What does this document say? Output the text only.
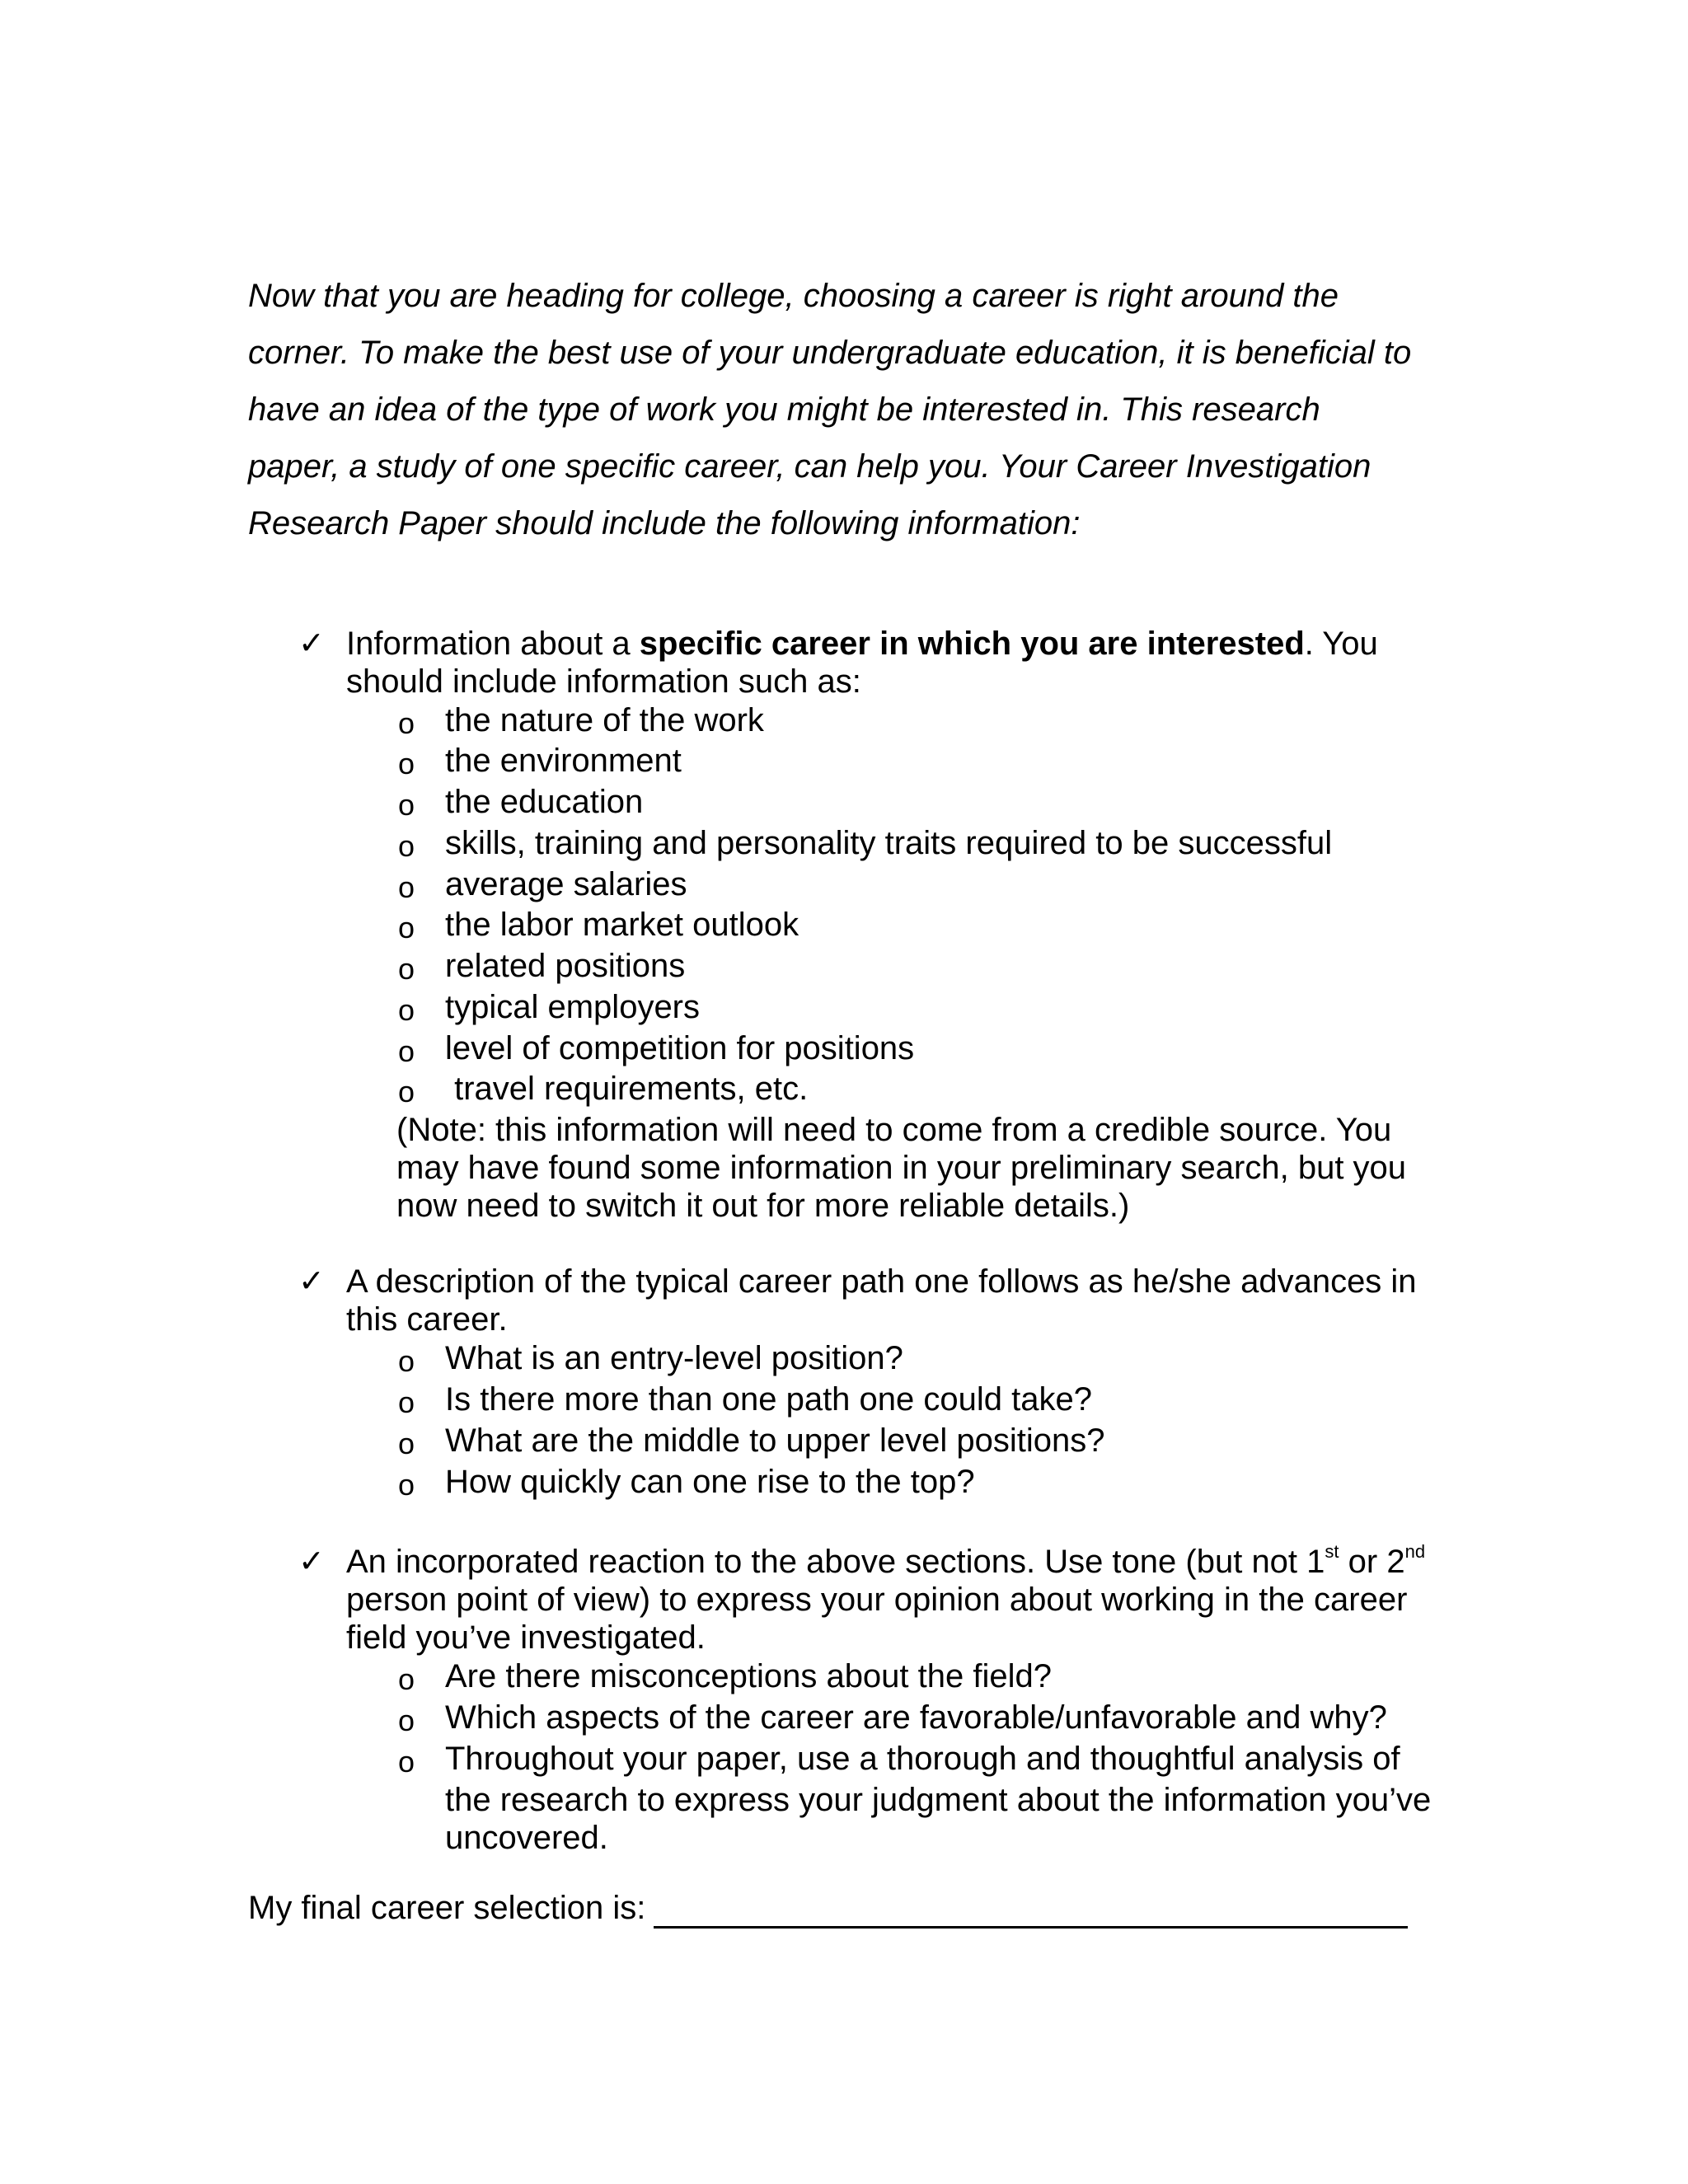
Now that you are heading for college, choosing a career is right around the
corner. To make the best use of your undergraduate education, it is beneficial to
have an idea of the type of work you might be interested in. This research
paper, a study of one specific career, can help you. Your Career Investigation
Research Paper should include the following information:
✓ Information about a specific career in which you are interested. You
should include information such as:
o the nature of the work
o the environment
o the education
o skills, training and personality traits required to be successful
o average salaries
o the labor market outlook
o related positions
o typical employers
o level of competition for positions
o travel requirements, etc.
(Note: this information will need to come from a credible source. You
may have found some information in your preliminary search, but you
now need to switch it out for more reliable details.)
✓ A description of the typical career path one follows as he/she advances in
this career.
o What is an entry-level position?
o Is there more than one path one could take?
o What are the middle to upper level positions?
o How quickly can one rise to the top?
✓ An incorporated reaction to the above sections. Use tone (but not 1st or 2nd
person point of view) to express your opinion about working in the career
field you’ve investigated.
o Are there misconceptions about the field?
o Which aspects of the career are favorable/unfavorable and why?
o Throughout your paper, use a thorough and thoughtful analysis of
the research to express your judgment about the information you’ve
uncovered.
My final career selection is:
